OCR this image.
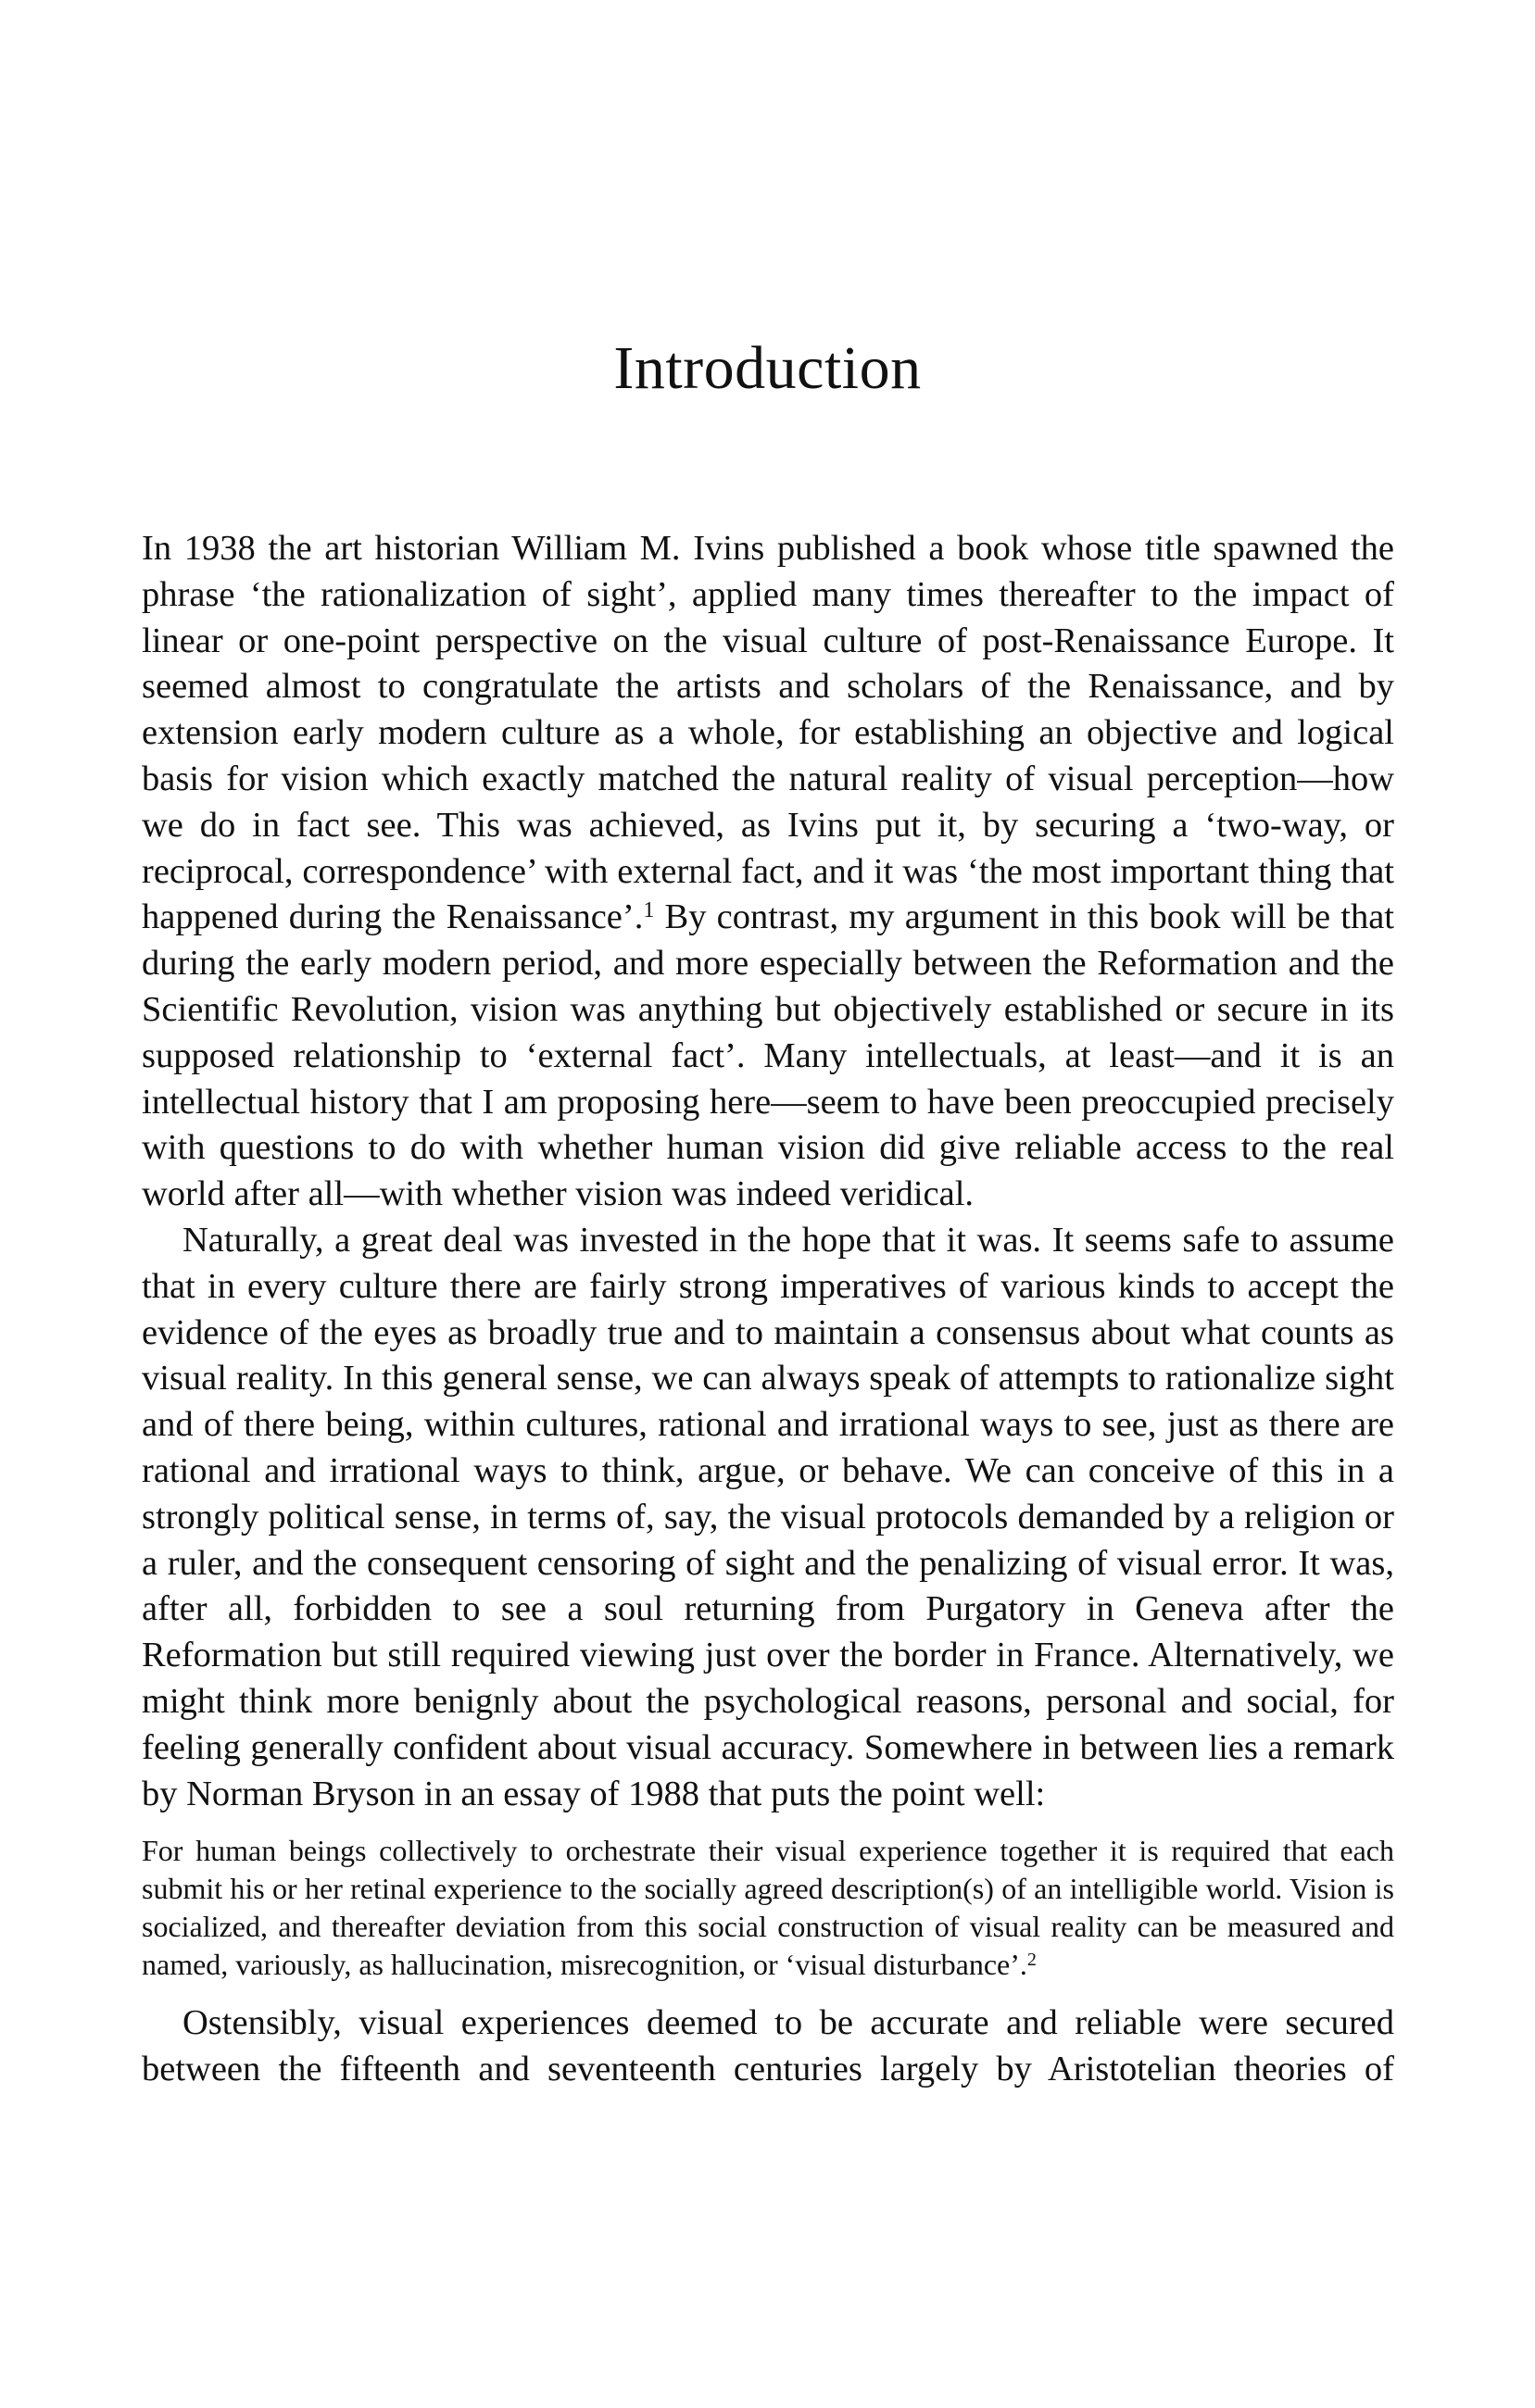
Introduction

In 1938 the art historian William M. Ivins published a book whose title spawned the phrase ‘the rationalization of sight’, applied many times thereafter to the impact of linear or one-point perspective on the visual culture of post-Renaissance Europe. It seemed almost to congratulate the artists and scholars of the Renaissance, and by extension early modern culture as a whole, for establishing an objective and logical basis for vision which exactly matched the natural reality of visual perception—how we do in fact see. This was achieved, as Ivins put it, by securing a ‘two-way, or reciprocal, correspondence’ with external fact, and it was ‘the most important thing that happened during the Renaissance’.$^1$ By contrast, my argument in this book will be that during the early modern period, and more especially between the Reformation and the Scientific Revolution, vision was anything but objectively established or secure in its supposed relationship to ‘external fact’. Many intellectuals, at least—and it is an intellectual history that I am proposing here—seem to have been preoccupied precisely with questions to do with whether human vision did give reliable access to the real world after all—with whether vision was indeed veridical.

Naturally, a great deal was invested in the hope that it was. It seems safe to assume that in every culture there are fairly strong imperatives of various kinds to accept the evidence of the eyes as broadly true and to maintain a consensus about what counts as visual reality. In this general sense, we can always speak of attempts to rationalize sight and of there being, within cultures, rational and irrational ways to see, just as there are rational and irrational ways to think, argue, or behave. We can conceive of this in a strongly political sense, in terms of, say, the visual protocols demanded by a religion or a ruler, and the consequent censoring of sight and the penalizing of visual error. It was, after all, forbidden to see a soul returning from Purgatory in Geneva after the Reformation but still required viewing just over the border in France. Alternatively, we might think more benignly about the psychological reasons, personal and social, for feeling generally confident about visual accuracy. Somewhere in between lies a remark by Norman Bryson in an essay of 1988 that puts the point well:

For human beings collectively to orchestrate their visual experience together it is required that each submit his or her retinal experience to the socially agreed description(s) of an intelligible world. Vision is socialized, and thereafter deviation from this social construction of visual reality can be measured and named, variously, as hallucination, misrecognition, or ‘visual disturbance’.$^2$

Ostensibly, visual experiences deemed to be accurate and reliable were secured between the fifteenth and seventeenth centuries largely by Aristotelian theories of
